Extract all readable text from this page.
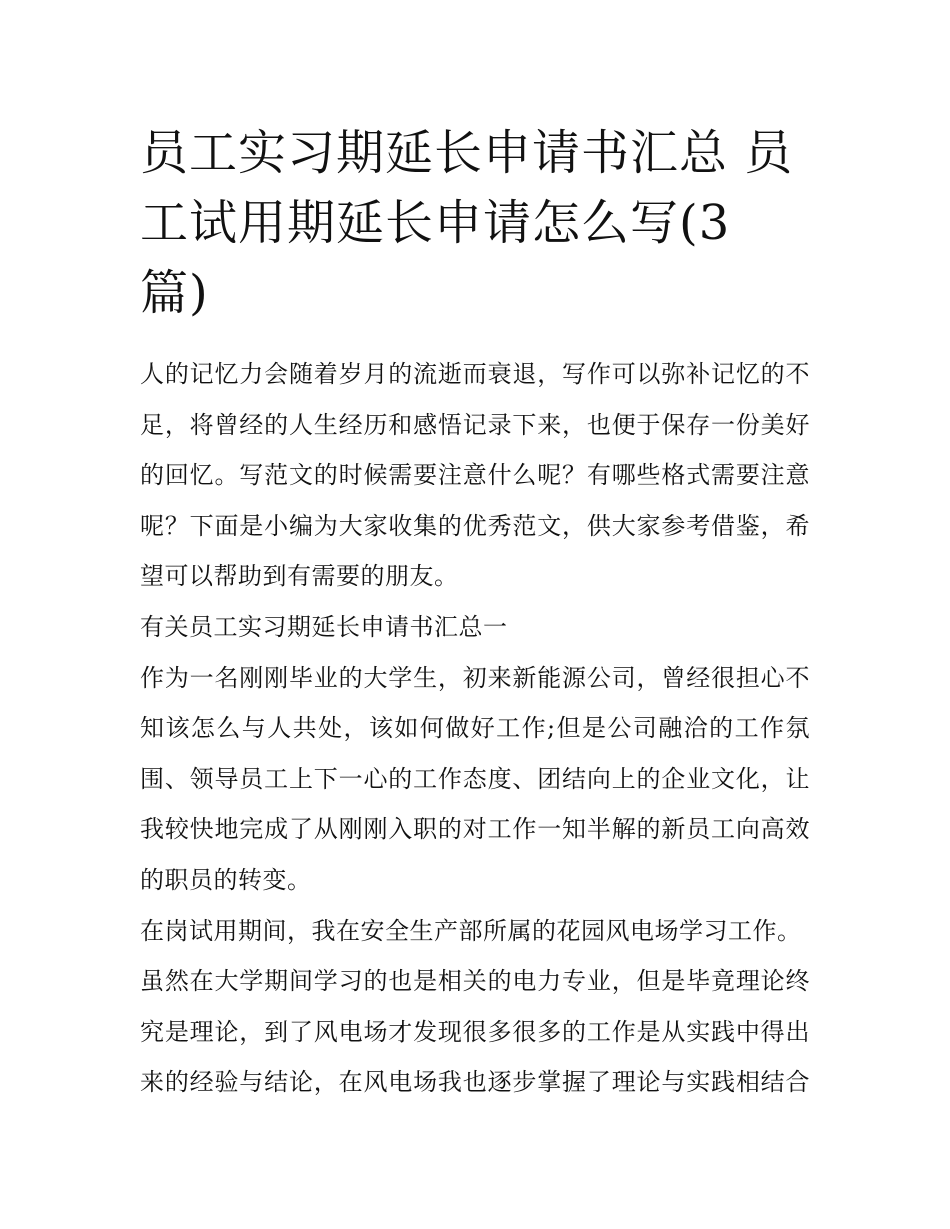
员工实习期延长申请书汇总 员
工试用期延长申请怎么写(3
篇)
人的记忆力会随着岁月的流逝而衰退，写作可以弥补记忆的不
足，将曾经的人生经历和感悟记录下来，也便于保存一份美好
的回忆。写范文的时候需要注意什么呢？有哪些格式需要注意
呢？下面是小编为大家收集的优秀范文，供大家参考借鉴，希
望可以帮助到有需要的朋友。
有关员工实习期延长申请书汇总一
作为一名刚刚毕业的大学生，初来新能源公司，曾经很担心不
知该怎么与人共处，该如何做好工作;但是公司融洽的工作氛
围、领导员工上下一心的工作态度、团结向上的企业文化，让
我较快地完成了从刚刚入职的对工作一知半解的新员工向高效
的职员的转变。
在岗试用期间，我在安全生产部所属的花园风电场学习工作。
虽然在大学期间学习的也是相关的电力专业，但是毕竟理论终
究是理论，到了风电场才发现很多很多的工作是从实践中得出
来的经验与结论，在风电场我也逐步掌握了理论与实践相结合
